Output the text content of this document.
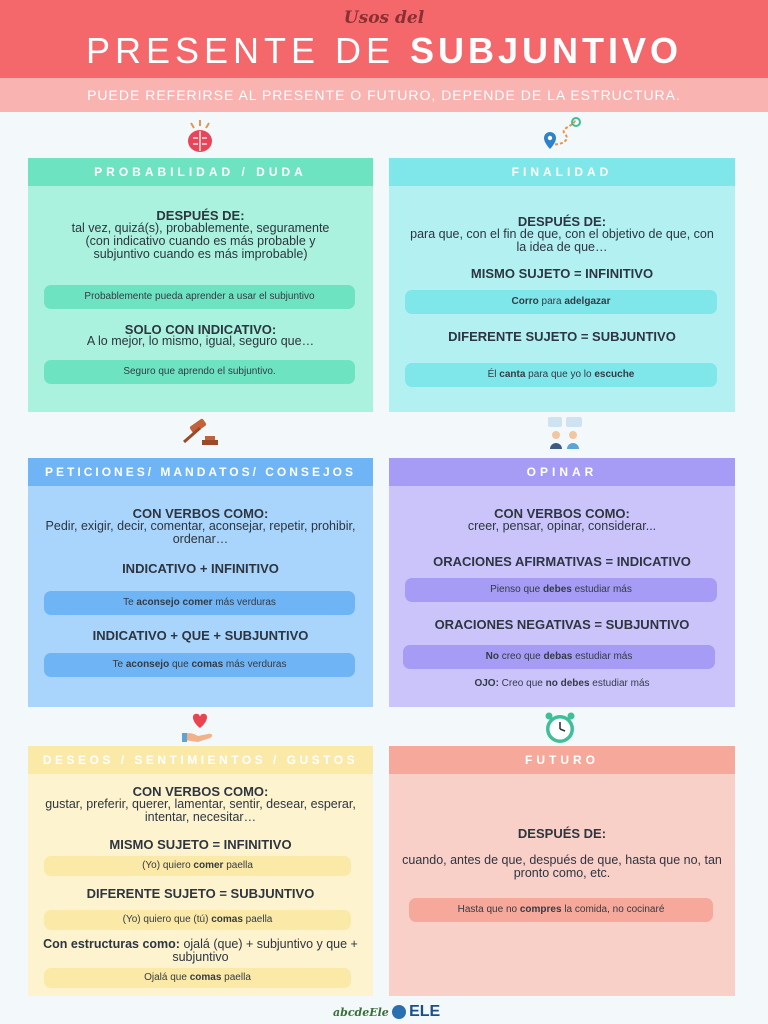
Usos del
PRESENTE DE SUBJUNTIVO
PUEDE REFERIRSE AL PRESENTE O FUTURO, DEPENDE DE LA ESTRUCTURA.
PROBABILIDAD / DUDA
DESPUÉS DE:
tal vez, quizá(s), probablemente, seguramente (con indicativo cuando es más probable y subjuntivo cuando es más improbable)
Probablemente pueda aprender a usar el subjuntivo
SOLO CON INDICATIVO:
A lo mejor, lo mismo, igual, seguro que…
Seguro que aprendo el subjuntivo.
FINALIDAD
DESPUÉS DE:
para que, con el fin de que, con el objetivo de que, con la idea de que…
MISMO SUJETO = INFINITIVO
Corro para adelgazar
DIFERENTE SUJETO = SUBJUNTIVO
Él canta para que yo lo escuche
PETICIONES/ MANDATOS/ CONSEJOS
CON VERBOS COMO:
Pedir, exigir, decir, comentar, aconsejar, repetir, prohibir, ordenar…
INDICATIVO + INFINITIVO
Te aconsejo comer más verduras
INDICATIVO + QUE + SUBJUNTIVO
Te aconsejo que comas más verduras
OPINAR
CON VERBOS COMO:
creer, pensar, opinar, considerar...
ORACIONES AFIRMATIVAS = INDICATIVO
Pienso que debes estudiar más
ORACIONES NEGATIVAS = SUBJUNTIVO
No creo que debas estudiar más
OJO: Creo que no debes estudiar más
DESEOS / SENTIMIENTOS / GUSTOS
CON VERBOS COMO:
gustar, preferir, querer, lamentar, sentir, desear, esperar, intentar, necesitar…
MISMO SUJETO = INFINITIVO
(Yo) quiero comer paella
DIFERENTE SUJETO = SUBJUNTIVO
(Yo) quiero que (tú) comas paella
Con estructuras como: ojalá (que) + subjuntivo y que + subjuntivo
Ojalá que comas paella
FUTURO
DESPUÉS DE:
cuando, antes de que, después de que, hasta que no, tan pronto como, etc.
Hasta que no compres la comida, no cocinaré
abcdeEle	ELE
